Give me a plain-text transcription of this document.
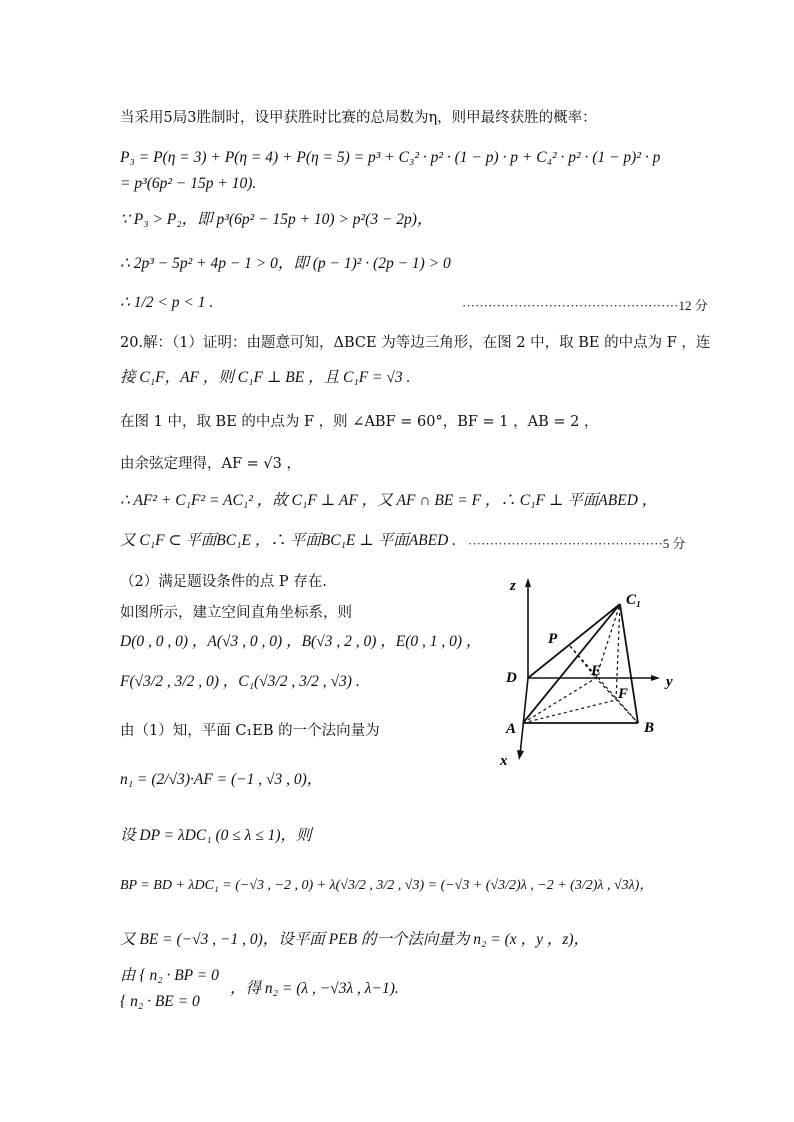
当采用5局3胜制时，设甲获胜时比赛的总局数为η，则甲最终获胜的概率：
P₃ = P(η = 3) + P(η = 4) + P(η = 5) = p³ + C₃² · p² · (1 − p) · p + C₄² · p² · (1 − p)² · p
= p³(6p² − 15p + 10).
∵ P₃ > P₂，即 p³(6p² − 15p + 10) > p²(3 − 2p)，
∴ 2p³ − 5p² + 4p − 1 > 0，即 (p − 1)² · (2p − 1) > 0
∴ 1/2 < p < 1 .	··················································12 分
20.解：（1）证明：由题意可知，ΔBCE 为等边三角形，在图 2 中，取 BE 的中点为 F ，连
接 C₁F，AF ，则 C₁F ⊥ BE ，且 C₁F = √3 .
在图 1 中，取 BE 的中点为 F ，则 ∠ABF = 60°，BF = 1 ，AB = 2 ，
由余弦定理得，AF = √3 ，
∴ AF² + C₁F² = AC₁² ，故 C₁F ⊥ AF ，又 AF ∩ BE = F ，∴ C₁F ⊥ 平面ABED ，
又 C₁F ⊂ 平面BC₁E ，∴ 平面BC₁E ⊥ 平面ABED . ·············································5 分
（2）满足题设条件的点 P 存在.
如图所示，建立空间直角坐标系，则
D(0 , 0 , 0) ，A(√3 , 0 , 0) ，B(√3 , 2 , 0) ，E(0 , 1 , 0) ，
F(√3/2 , 3/2 , 0) ，C₁(√3/2 , 3/2 , √3) .
由（1）知，平面 C₁EB 的一个法向量为
n₁ = (2/√3)·AF = (−1 , √3 , 0)，
设 DP = λDC₁ (0 ≤ λ ≤ 1)，则
BP = BD + λDC₁ = (−√3 , −2 , 0) + λ(√3/2 , 3/2 , √3) = (−√3 + (√3/2)λ , −2 + (3/2)λ , √3λ)，
又 BE = (−√3 , −1 , 0)，设平面 PEB 的一个法向量为 n₂ = (x ，y ，z)，
由 { n₂ · BP = 0
{ n₂ · BE = 0
，得 n₂ = (λ , −√3λ , λ−1).
z
C₁
P
D	E
F
y
A	B
x
